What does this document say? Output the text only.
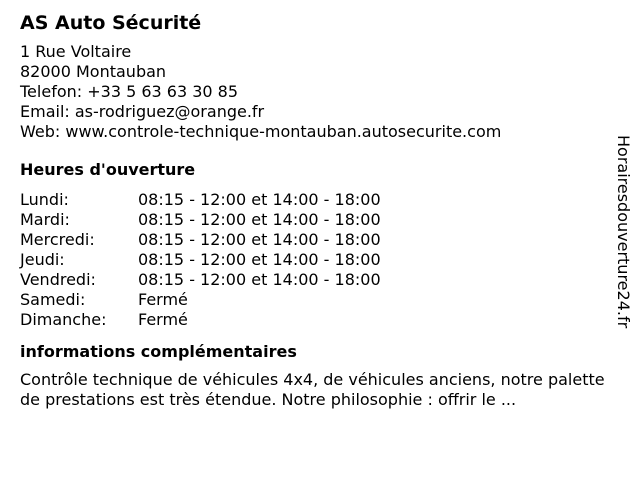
AS Auto Sécurité
1 Rue Voltaire
82000 Montauban
Telefon: +33 5 63 63 30 85
Email: as-rodriguez@orange.fr
Web: www.controle-technique-montauban.autosecurite.com
Heures d'ouverture
Lundi:	08:15 - 12:00 et 14:00 - 18:00
Mardi:	08:15 - 12:00 et 14:00 - 18:00
Mercredi:	08:15 - 12:00 et 14:00 - 18:00
Jeudi:	08:15 - 12:00 et 14:00 - 18:00
Vendredi:	08:15 - 12:00 et 14:00 - 18:00
Samedi:	Fermé
Dimanche:	Fermé
informations complémentaires
Contrôle technique de véhicules 4x4, de véhicules anciens, notre palette de prestations est très étendue. Notre philosophie : offrir le ...
Horairesdouverture24.fr
